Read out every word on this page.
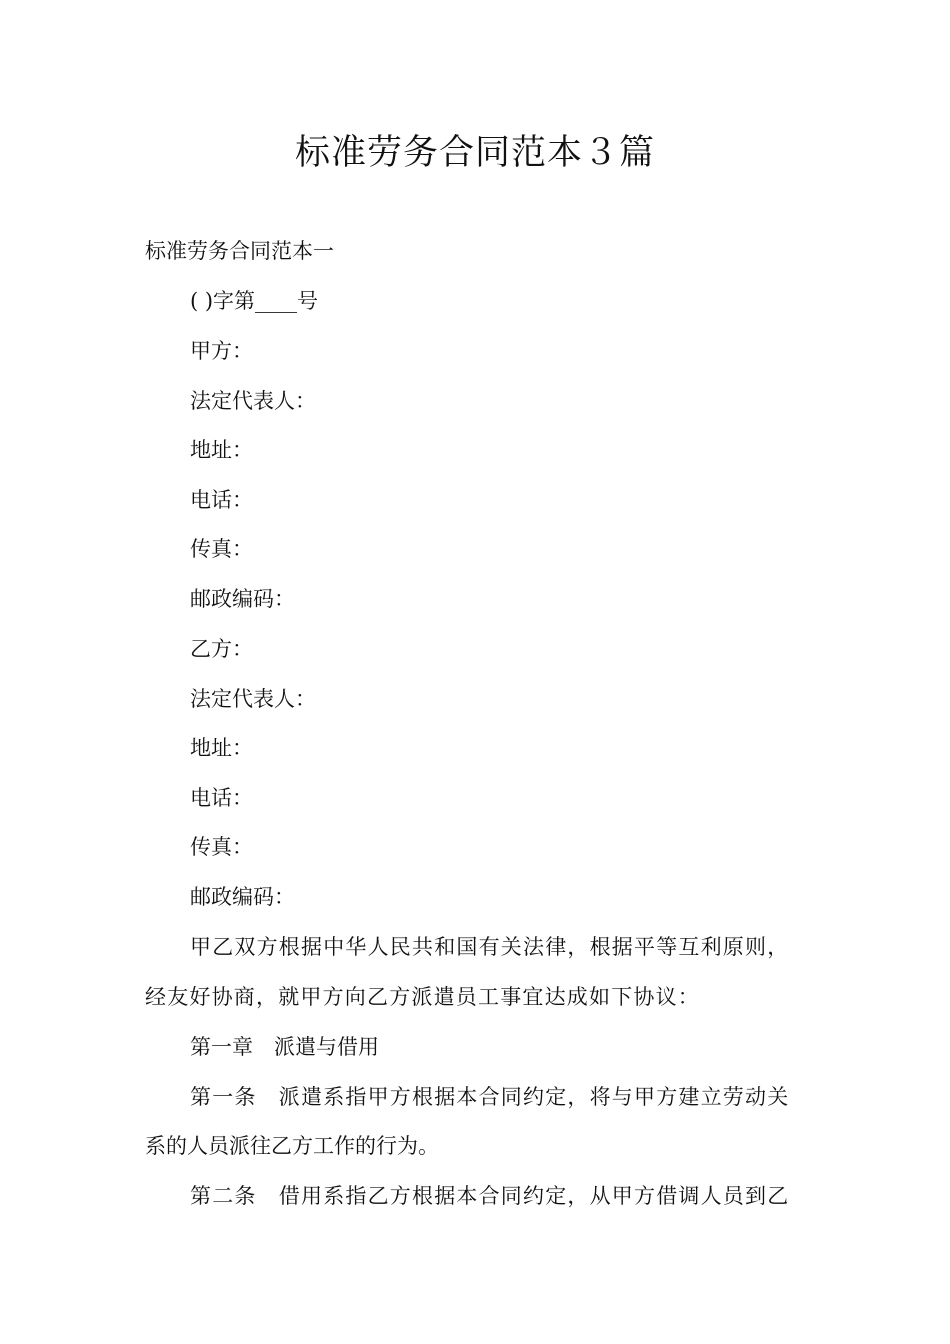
标准劳务合同范本３篇

标准劳务合同范本一

( )字第____号

甲方：

法定代表人：

地址：

电话：

传真：

邮政编码：

乙方：

法定代表人：

地址：

电话：

传真：

邮政编码：

甲乙双方根据中华人民共和国有关法律，根据平等互利原则，

经友好协商，就甲方向乙方派遣员工事宜达成如下协议：

第一章　派遣与借用

第一条　派遣系指甲方根据本合同约定，将与甲方建立劳动关

系的人员派往乙方工作的行为。

第二条　借用系指乙方根据本合同约定，从甲方借调人员到乙
